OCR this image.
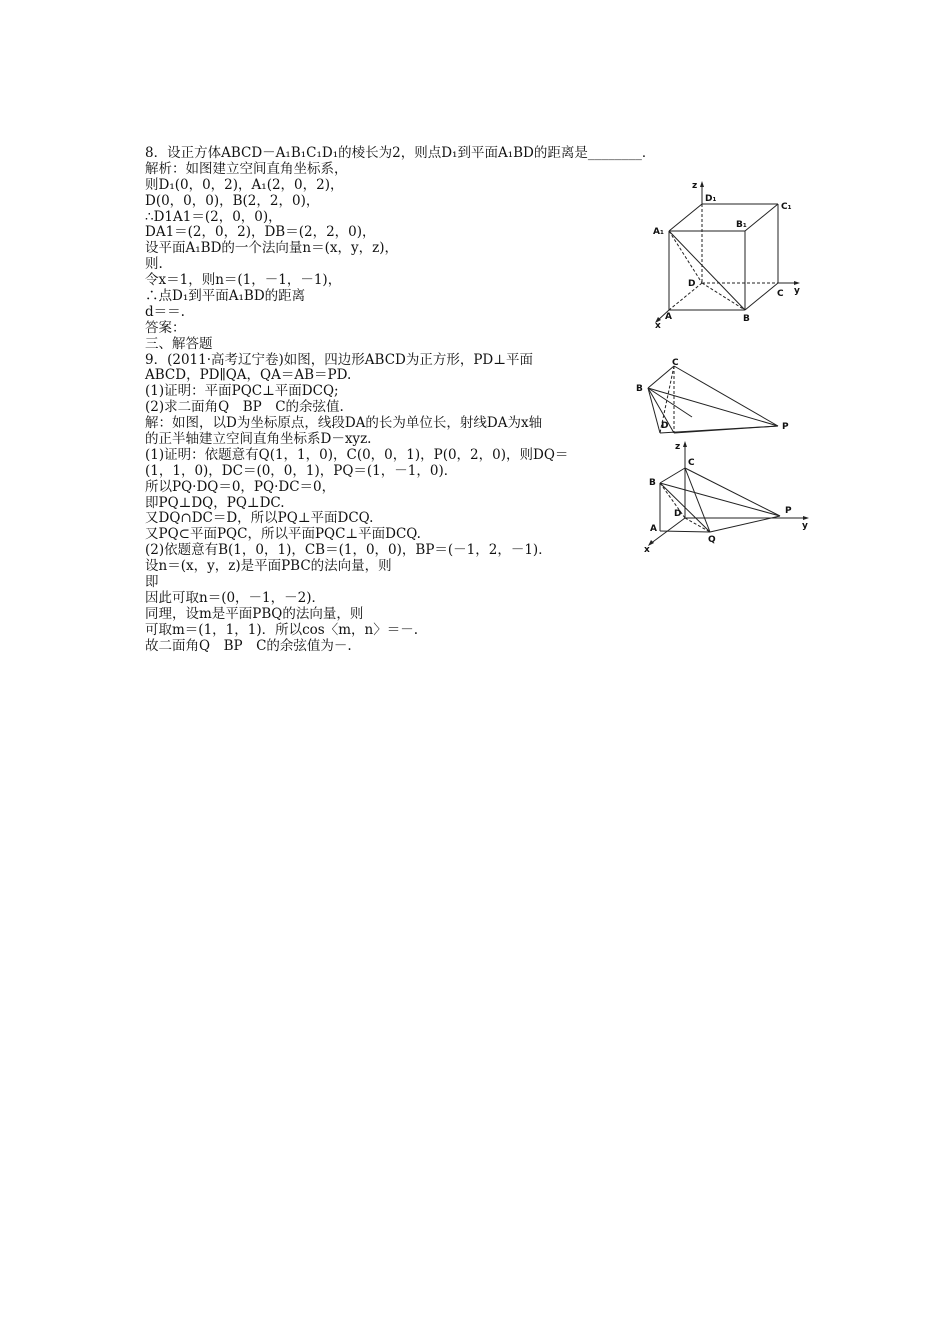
8．设正方体ABCD－A₁B₁C₁D₁的棱长为2，则点D₁到平面A₁BD的距离是________．
解析：如图建立空间直角坐标系，
则D₁(0，0，2)，A₁(2，0，2)，
D(0，0，0)，B(2，2，0)，
∴D1A1＝(2，0，0)，
DA1＝(2，0，2)，DB＝(2，2，0)，
设平面A₁BD的一个法向量n＝(x，y，z)，
则.
令x＝1，则n＝(1，－1，－1)，
∴点D₁到平面A₁BD的距离
d＝＝.
答案：
三、解答题
9．(2011·高考辽宁卷)如图，四边形ABCD为正方形，PD⊥平面
ABCD，PD∥QA，QA＝AB＝PD.
(1)证明：平面PQC⊥平面DCQ;
(2)求二面角Q　BP　C的余弦值.
解：如图，以D为坐标原点，线段DA的长为单位长，射线DA为x轴
的正半轴建立空间直角坐标系D－xyz.
(1)证明：依题意有Q(1，1，0)，C(0，0，1)，P(0，2，0)，则DQ＝
(1，1，0)，DC＝(0，0，1)，PQ＝(1，－1，0)．
所以PQ·DQ＝0，PQ·DC＝0，
即PQ⊥DQ，PQ⊥DC.
又DQ∩DC＝D，所以PQ⊥平面DCQ.
又PQ⊂平面PQC，所以平面PQC⊥平面DCQ.
(2)依题意有B(1，0，1)，CB＝(1，0，0)，BP＝(－1，2，－1)．
设n＝(x，y，z)是平面PBC的法向量，则
即
因此可取n＝(0，－1，－2)．
同理，设m是平面PBQ的法向量，则
可取m＝(1，1，1)．所以cos〈m，n〉＝－.
故二面角Q　BP　C的余弦值为－.
z
D₁
C₁
A₁
B₁
D
C y
A	B
x
C
B
D	P
z
C
B
D
A
Q
P
y
x
